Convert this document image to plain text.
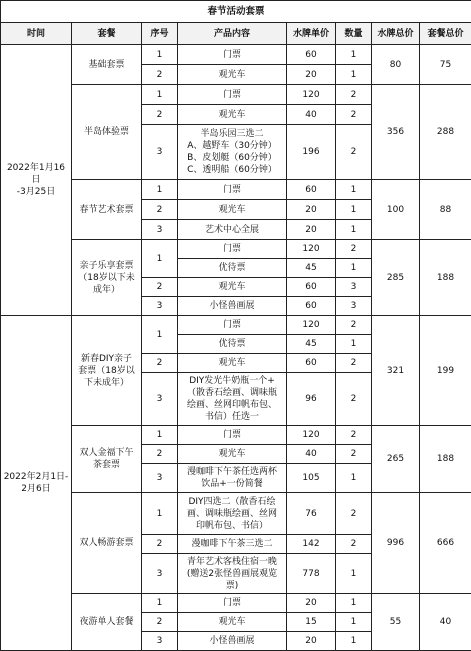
春节活动套票							
时间	套餐	序号	产品内容	水牌单价	数量	水牌总价	套餐总价
2022年1月16日
-3月25日	基础套票	1	门票	60	1	80	75
		2	观光车	20	1		
	半岛体验票	1	门票	120	2	356	288
		2	观光车	40	2		
		3	半岛乐园三选二
A、越野车（30分钟）
B、皮划艇（60分钟）
C、透明船（60分钟）	196	2		
	春节艺术套票	1	门票	60	1	100	88
		2	观光车	20	1		
		3	艺术中心全展	20	1		
	亲子乐享套票
（18岁以下未
成年）	1	门票	120	2	285	188
			优待票	45	1		
		2	观光车	60	3		
		3	小怪兽画展	60	3		
2022年2月1日-
2月6日	新春DIY亲子
套票（18岁以
下未成年）	1	门票	120	2	321	199
			优待票	45	1		
		2	观光车	60	2		
		3	DIY发光牛奶瓶一个+
（散香石绘画、调味瓶
绘画、丝网印帆布包、
书信）任选一	96	2		
	双人金福下午
茶套票	1	门票	120	2	265	188
		2	观光车	40	2		
		3	漫咖啡下午茶任选两杯
饮品+一份简餐	105	1		
	双人畅游套票	1	DIY四选二（散香石绘
画、调味瓶绘画、丝网
印帆布包、书信）	76	2	996	666
		2	漫咖啡下午茶三选二	142	2		
		3	青年艺术客栈住宿一晚
(赠送2张怪兽画展观览
票)	778	1		
	夜游单人套餐	1	门票	20	1	55	40
		2	观光车	15	1		
		3	小怪兽画展	20	1		
